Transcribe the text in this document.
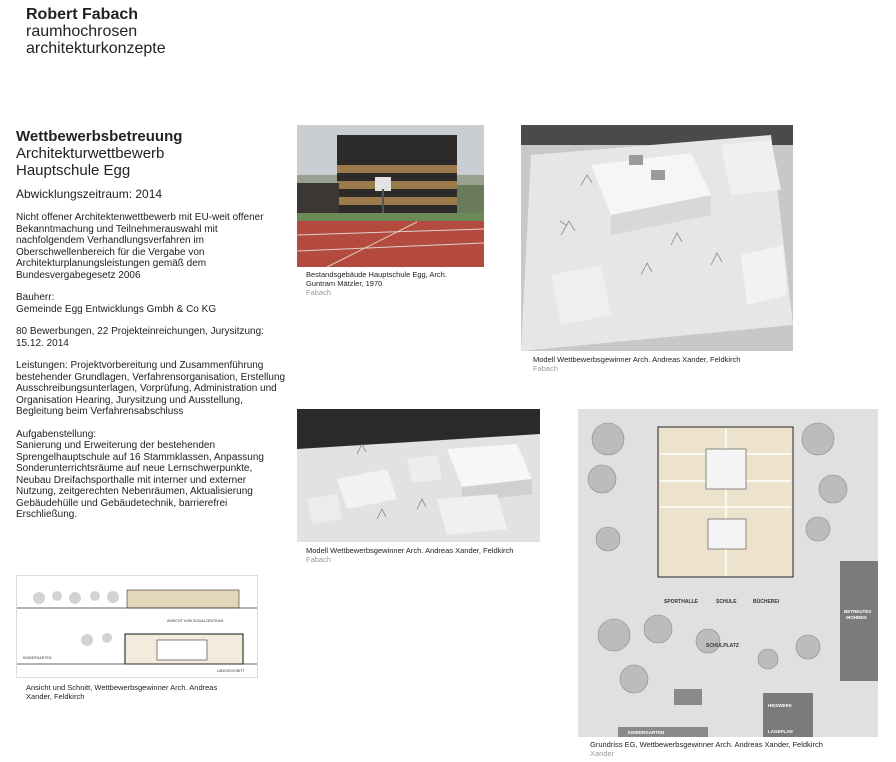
Robert Fabach
raumhochrosen
architekturkonzepte
Wettbewerbsbetreuung
Architekturwettbewerb
Hauptschule Egg
Abwicklungszeitraum: 2014

Nicht offener Architektenwettbewerb mit EU-weit offener Bekanntmachung und Teilnehmerauswahl mit nachfolgendem Verhandlungsverfahren im Oberschwellenbereich für die Vergabe von Architekturplanungsleistungen gemäß dem Bundesvergabegesetz 2006

Bauherr:
Gemeinde Egg Entwicklungs Gmbh & Co KG

80 Bewerbungen, 22 Projekteinreichungen, Jurysitzung: 15.12. 2014

Leistungen: Projektvorbereitung und Zusammenführung bestehender Grundlagen, Verfahrensorganisation, Erstellung Ausschreibungsunterlagen, Vorprüfung, Administration und Organisation Hearing, Jurysitzung und Ausstellung, Begleitung beim Verfahrensabschluss

Aufgabenstellung:
Sanierung und Erweiterung der bestehenden Sprengelhauptschule auf 16 Stammklassen, Anpassung Sonderunterrichtsräume auf neue Lernschwerpunkte, Neubau Dreifachsporthalle mit interner und externer Nutzung, zeitgerechten Nebenräumen, Aktualisierung Gebäudehülle und Gebäudetechnik, barrierefrei Erschließung.

Bestandsgebäude Hauptschule Egg, Arch. Guntram Mätzler, 1970
Fabach
Modell Wettbewerbsgewinner Arch. Andreas Xander, Feldkirch
Fabach
Modell Wettbewerbsgewinner Arch. Andreas Xander, Feldkirch
Fabach
ANSICHT VOM SOZIALZENTRUM
KINDERGARTEN
LÄNGSSCHNITT
Ansicht und Schnitt, Wettbewerbsgewinner Arch. Andreas Xander, Feldkirch
SPORTHALLE	SCHULE	BÜCHEREI
SCHULPLATZ
BETREUTES
WOHNEN
HEIZWERK
LAGEPLAN
KINDERGARTEN
Grundriss EG, Wettbewerbsgewinner Arch. Andreas Xander, Feldkirch
Xander
